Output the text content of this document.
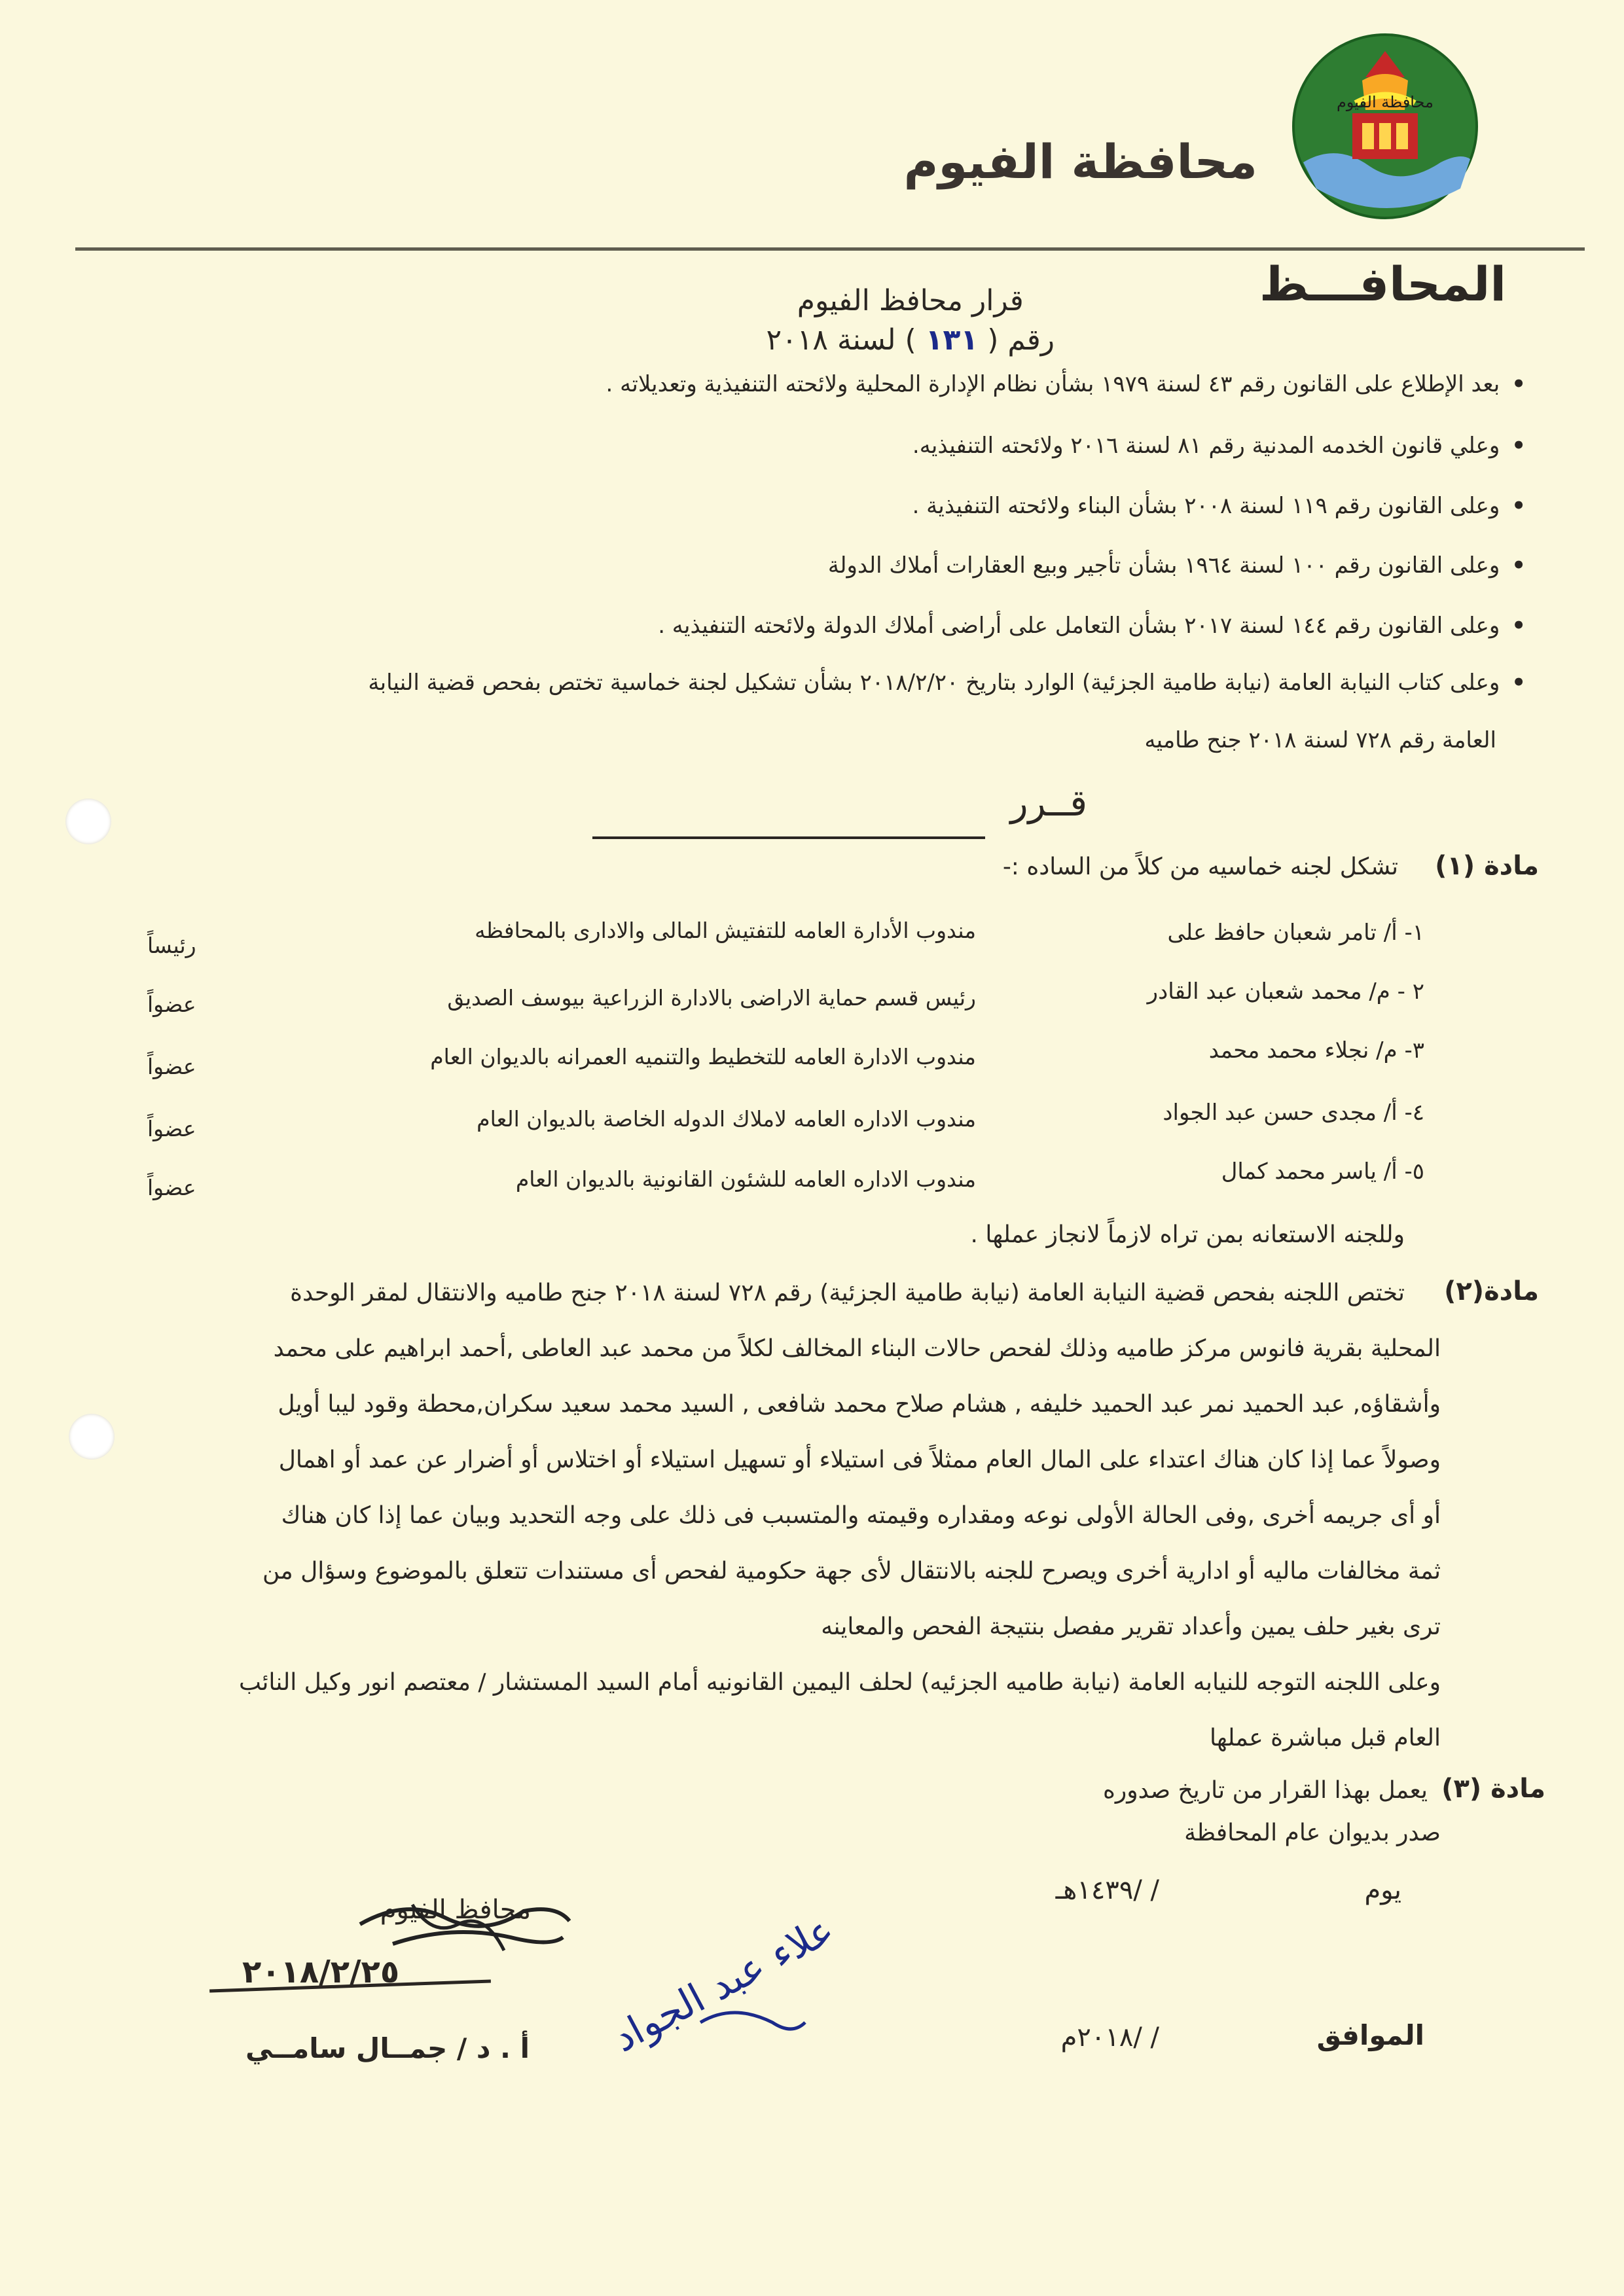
محافظة الفيوم
محافظة الفيوم
المحافـــظ
قرار محافظ الفيوم
رقم ( ١٣١ ) لسنة ٢٠١٨
•بعد الإطلاع على القانون رقم ٤٣ لسنة ١٩٧٩ بشأن نظام الإدارة المحلية ولائحته التنفيذية وتعديلاته .
•وعلي قانون الخدمه المدنية رقم ٨١ لسنة ٢٠١٦ ولائحته التنفيذيه.
•وعلى القانون رقم ١١٩ لسنة ٢٠٠٨ بشأن البناء ولائحته التنفيذية .
•وعلى القانون رقم ١٠٠ لسنة ١٩٦٤ بشأن تأجير وبيع العقارات أملاك الدولة
•وعلى القانون رقم ١٤٤ لسنة ٢٠١٧ بشأن التعامل على أراضى أملاك الدولة ولائحته التنفيذيه .
•وعلى كتاب النيابة العامة (نيابة طامية الجزئية) الوارد بتاريخ ٢٠١٨/٢/٢٠ بشأن تشكيل لجنة خماسية تختص بفحص قضية النيابة
العامة رقم ٧٢٨ لسنة ٢٠١٨ جنح طاميه
قــرر
مادة (١)
تشكل لجنه خماسيه من كلاً من الساده :-
١- أ/ تامر شعبان حافظ على
مندوب الأدارة العامه للتفتيش المالى والادارى بالمحافظه
رئيساً
٢ - م/ محمد شعبان عبد القادر
رئيس قسم حماية الاراضى بالادارة الزراعية بيوسف الصديق
عضواً
٣- م/ نجلاء محمد محمد
مندوب الادارة العامه للتخطيط والتنميه العمرانه بالديوان العام
عضواً
٤- أ/ مجدى حسن عبد الجواد
مندوب الاداره العامه لاملاك الدوله الخاصة بالديوان العام
عضواً
٥- أ/ ياسر محمد كمال
مندوب الاداره العامه للشئون القانونية بالديوان العام
عضواً
وللجنه الاستعانه بمن تراه لازماً لانجاز عملها .
مادة(٢)
تختص اللجنه بفحص قضية النيابة العامة (نيابة طامية الجزئية) رقم ٧٢٨ لسنة ٢٠١٨ جنح طاميه والانتقال لمقر الوحدة
المحلية بقرية فانوس مركز طاميه وذلك لفحص حالات البناء المخالف لكلاً من محمد عبد العاطى ,أحمد ابراهيم على محمد
وأشقاؤه, عبد الحميد نمر عبد الحميد خليفه , هشام صلاح محمد شافعى , السيد محمد سعيد سكران,محطة وقود ليبا أويل
وصولاً عما إذا كان هناك اعتداء على المال العام ممثلاً فى استيلاء أو تسهيل استيلاء أو اختلاس أو أضرار عن عمد أو اهمال
أو أى جريمه أخرى ,وفى الحالة الأولى نوعه ومقداره وقيمته والمتسبب فى ذلك على وجه التحديد وبيان عما إذا كان هناك
ثمة مخالفات ماليه أو ادارية أخرى ويصرح للجنه بالانتقال لأى جهة حكومية لفحص أى مستندات تتعلق بالموضوع وسؤال من
ترى بغير حلف يمين وأعداد تقرير مفصل بنتيجة الفحص والمعاينه
وعلى اللجنه التوجه للنيابه العامة (نيابة طاميه الجزئيه) لحلف اليمين القانونيه أمام السيد المستشار / معتصم انور وكيل النائب
العام قبل مباشرة عملها
مادة (٣)
يعمل بهذا القرار من تاريخ صدوره
صدر بديوان عام المحافظة
يوم
/ /١٤٣٩هـ
الموافق
/ /٢٠١٨م
محافظ الفيوم
٢٠١٨/٢/٢٥
أ . د / جمــال سامــي علاء عبد الجواد
